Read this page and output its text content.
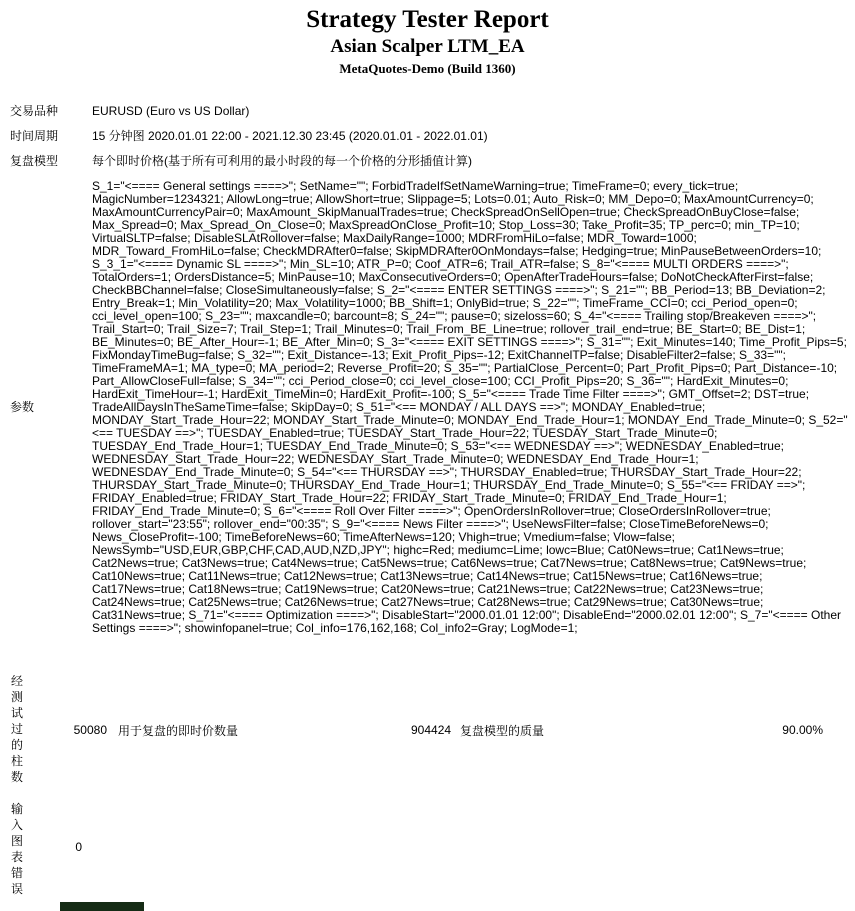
Strategy Tester Report
Asian Scalper LTM_EA
MetaQuotes-Demo (Build 1360)
交易品种	EURUSD (Euro vs US Dollar)
时间周期	15 分钟图 2020.01.01 22:00 - 2021.12.30 23:45 (2020.01.01 - 2022.01.01)
复盘模型	每个即时价格(基于所有可利用的最小时段的每一个价格的分形插值计算)
参数	S_1="<==== General settings ====>"; SetName=""; ForbidTradeIfSetNameWarning=true; TimeFrame=0; every_tick=true; MagicNumber=1234321; AllowLong=true; AllowShort=true; Slippage=5; Lots=0.01; Auto_Risk=0; MM_Depo=0; MaxAmountCurrency=0; MaxAmountCurrencyPair=0; MaxAmount_SkipManualTrades=true; CheckSpreadOnSellOpen=true; CheckSpreadOnBuyClose=false; Max_Spread=0; Max_Spread_On_Close=0; MaxSpreadOnClose_Profit=10; Stop_Loss=30; Take_Profit=35; TP_perc=0; min_TP=10; VirtualSLTP=false; DisableSLAtRollover=false; MaxDailyRange=1000; MDRFromHiLo=false; MDR_Toward=1000; MDR_Toward_FromHiLo=false; CheckMDRAfter0=false; SkipMDRAfter0OnMondays=false; Hedging=true; MinPauseBetweenOrders=10; S_3_1="<==== Dynamic SL ====>"; Min_SL=10; ATR_P=0; Coof_ATR=6; Trail_ATR=false; S_8="<==== MULTI ORDERS ====>"; TotalOrders=1; OrdersDistance=5; MinPause=10; MaxConsecutiveOrders=0; OpenAfterTradeHours=false; DoNotCheckAfterFirst=false; CheckBBChannel=false; CloseSimultaneously=false; S_2="<==== ENTER SETTINGS ====>"; S_21=""; BB_Period=13; BB_Deviation=2; Entry_Break=1; Min_Volatility=20; Max_Volatility=1000; BB_Shift=1; OnlyBid=true; S_22=""; TimeFrame_CCI=0; cci_Period_open=0; cci_level_open=100; S_23=""; maxcandle=0; barcount=8; S_24=""; pause=0; sizeloss=60; S_4="<==== Trailing stop/Breakeven ====>"; Trail_Start=0; Trail_Size=7; Trail_Step=1; Trail_Minutes=0; Trail_From_BE_Line=true; rollover_trail_end=true; BE_Start=0; BE_Dist=1; BE_Minutes=0; BE_After_Hour=-1; BE_After_Min=0; S_3="<==== EXIT SETTINGS ====>"; S_31=""; Exit_Minutes=140; Time_Profit_Pips=5; FixMondayTimeBug=false; S_32=""; Exit_Distance=-13; Exit_Profit_Pips=-12; ExitChannelTP=false; DisableFilter2=false; S_33=""; TimeFrameMA=1; MA_type=0; MA_period=2; Reverse_Profit=20; S_35=""; PartialClose_Percent=0; Part_Profit_Pips=0; Part_Distance=-10; Part_AllowCloseFull=false; S_34=""; cci_Period_close=0; cci_level_close=100; CCI_Profit_Pips=20; S_36=""; HardExit_Minutes=0; HardExit_TimeHour=-1; HardExit_TimeMin=0; HardExit_Profit=-100; S_5="<==== Trade Time Filter ====>"; GMT_Offset=2; DST=true; TradeAllDaysInTheSameTime=false; SkipDay=0; S_51="<== MONDAY / ALL DAYS ==>"; MONDAY_Enabled=true; MONDAY_Start_Trade_Hour=22; MONDAY_Start_Trade_Minute=0; MONDAY_End_Trade_Hour=1; MONDAY_End_Trade_Minute=0; S_52="<== TUESDAY ==>"; TUESDAY_Enabled=true; TUESDAY_Start_Trade_Hour=22; TUESDAY_Start_Trade_Minute=0; TUESDAY_End_Trade_Hour=1; TUESDAY_End_Trade_Minute=0; S_53="<== WEDNESDAY ==>"; WEDNESDAY_Enabled=true; WEDNESDAY_Start_Trade_Hour=22; WEDNESDAY_Start_Trade_Minute=0; WEDNESDAY_End_Trade_Hour=1; WEDNESDAY_End_Trade_Minute=0; S_54="<== THURSDAY ==>"; THURSDAY_Enabled=true; THURSDAY_Start_Trade_Hour=22; THURSDAY_Start_Trade_Minute=0; THURSDAY_End_Trade_Hour=1; THURSDAY_End_Trade_Minute=0; S_55="<== FRIDAY ==>"; FRIDAY_Enabled=true; FRIDAY_Start_Trade_Hour=22; FRIDAY_Start_Trade_Minute=0; FRIDAY_End_Trade_Hour=1; FRIDAY_End_Trade_Minute=0; S_6="<==== Roll Over Filter ====>"; OpenOrdersInRollover=true; CloseOrdersInRollover=true; rollover_start="23:55"; rollover_end="00:35"; S_9="<==== News Filter ====>"; UseNewsFilter=false; CloseTimeBeforeNews=0; News_CloseProfit=-100; TimeBeforeNews=60; TimeAfterNews=120; Vhigh=true; Vmedium=false; Vlow=false; NewsSymb="USD,EUR,GBP,CHF,CAD,AUD,NZD,JPY"; highc=Red; mediumc=Lime; lowc=Blue; Cat0News=true; Cat1News=true; Cat2News=true; Cat3News=true; Cat4News=true; Cat5News=true; Cat6News=true; Cat7News=true; Cat8News=true; Cat9News=true; Cat10News=true; Cat11News=true; Cat12News=true; Cat13News=true; Cat14News=true; Cat15News=true; Cat16News=true; Cat17News=true; Cat18News=true; Cat19News=true; Cat20News=true; Cat21News=true; Cat22News=true; Cat23News=true; Cat24News=true; Cat25News=true; Cat26News=true; Cat27News=true; Cat28News=true; Cat29News=true; Cat30News=true; Cat31News=true; S_71="<==== Optimization ====>"; DisableStart="2000.01.01 12:00"; DisableEnd="2000.02.01 12:00"; S_7="<==== Other Settings ====>"; showinfopanel=true; Col_info=176,162,168; Col_info2=Gray; LogMode=1;
经测试过的柱数	50080	用于复盘的即时价数量	904424	复盘模型的质量	90.00%
输入图表错误	0				
